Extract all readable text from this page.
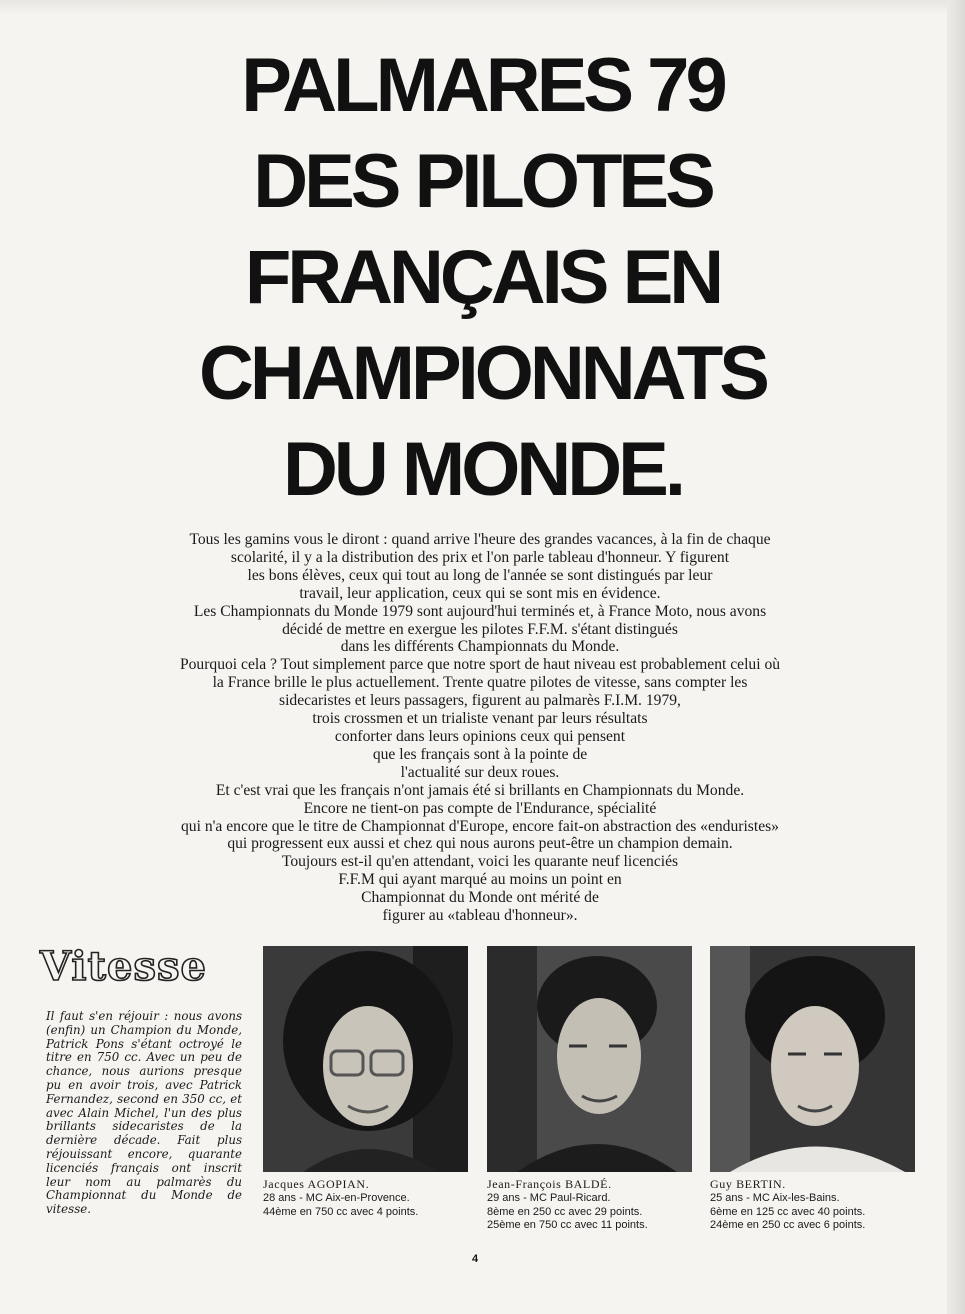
PALMARES 79
DES PILOTES
FRANÇAIS EN
CHAMPIONNATS
DU MONDE.
Tous les gamins vous le diront : quand arrive l'heure des grandes vacances, à la fin de chaque
scolarité, il y a la distribution des prix et l'on parle tableau d'honneur. Y figurent
les bons élèves, ceux qui tout au long de l'année se sont distingués par leur
travail, leur application, ceux qui se sont mis en évidence.
Les Championnats du Monde 1979 sont aujourd'hui terminés et, à France Moto, nous avons
décidé de mettre en exergue les pilotes F.F.M. s'étant distingués
dans les différents Championnats du Monde.
Pourquoi cela ? Tout simplement parce que notre sport de haut niveau est probablement celui où
la France brille le plus actuellement. Trente quatre pilotes de vitesse, sans compter les
sidecaristes et leurs passagers, figurent au palmarès F.I.M. 1979,
trois crossmen et un trialiste venant par leurs résultats
conforter dans leurs opinions ceux qui pensent
que les français sont à la pointe de
l'actualité sur deux roues.
Et c'est vrai que les français n'ont jamais été si brillants en Championnats du Monde.
Encore ne tient-on pas compte de l'Endurance, spécialité
qui n'a encore que le titre de Championnat d'Europe, encore fait-on abstraction des «enduristes»
qui progressent eux aussi et chez qui nous aurons peut-être un champion demain.
Toujours est-il qu'en attendant, voici les quarante neuf licenciés
F.F.M qui ayant marqué au moins un point en
Championnat du Monde ont mérité de
figurer au «tableau d'honneur».
Vitesse

Il faut s'en réjouir : nous avons (enfin) un Champion du Monde, Patrick Pons s'étant octroyé le titre en 750 cc. Avec un peu de chance, nous aurions presque pu en avoir trois, avec Patrick Fernandez, second en 350 cc, et avec Alain Michel, l'un des plus brillants sidecaristes de la dernière décade. Fait plus réjouissant encore, quarante licenciés français ont inscrit leur nom au palmarès du Championnat du Monde de vitesse.

Jacques AGOPIAN.
28 ans - MC Aix-en-Provence.
44ème en 750 cc avec 4 points.
Jean-François BALDÉ.
29 ans - MC Paul-Ricard.
8ème en 250 cc avec 29 points.
25ème en 750 cc avec 11 points.
Guy BERTIN.
25 ans - MC Aix-les-Bains.
6ème en 125 cc avec 40 points.
24ème en 250 cc avec 6 points.
4
